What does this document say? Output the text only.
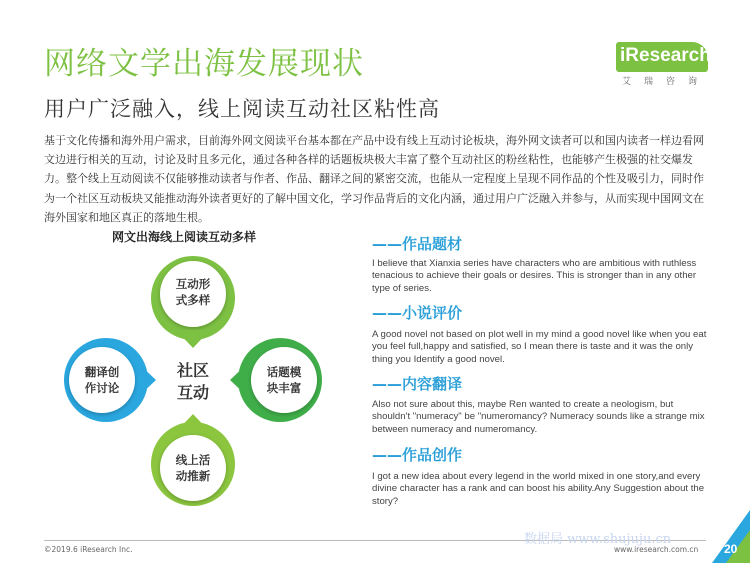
网络文学出海发展现状
用户广泛融入，线上阅读互动社区粘性高
iResearch
艾瑞咨询
基于文化传播和海外用户需求，目前海外网文阅读平台基本都在产品中设有线上互动讨论板块，海外网文读者可以和国内读者一样边看网文边进行相关的互动，讨论及时且多元化，通过各种各样的话题板块极大丰富了整个互动社区的粉丝粘性，也能够产生极强的社交爆发力。整个线上互动阅读不仅能够推动读者与作者、作品、翻译之间的紧密交流，也能从一定程度上呈现不同作品的个性及吸引力，同时作为一个社区互动板块又能推动海外读者更好的了解中国文化，学习作品背后的文化内涵，通过用户广泛融入并参与，从而实现中国网文在海外国家和地区真正的落地生根。
网文出海线上阅读互动多样
互动形
式多样
话题模
块丰富
线上活
动推新
翻译创
作讨论
社区
互动
——作品题材
I believe that Xianxia series have characters who are ambitious with ruthless tenacious to achieve their goals or desires. This is stronger than in any other type of series.
——小说评价
A good novel not based on plot well in my mind a good novel like when you eat you feel full,happy and satisfied, so I mean there is taste and it was the only thing you Identify a good novel.
——内容翻译
Also not sure about this, maybe Ren wanted to create a neologism, but shouldn't "numeracy" be "numeromancy? Numeracy sounds like a strange mix between numeracy and numeromancy.
——作品创作
I got a new idea about every legend in the world mixed in one story,and every divine character has a rank and can boost his ability.Any Suggestion about the story?
©2019.6 iResearch Inc.
数据局 www.shujuju.cn
www.iresearch.com.cn 20
